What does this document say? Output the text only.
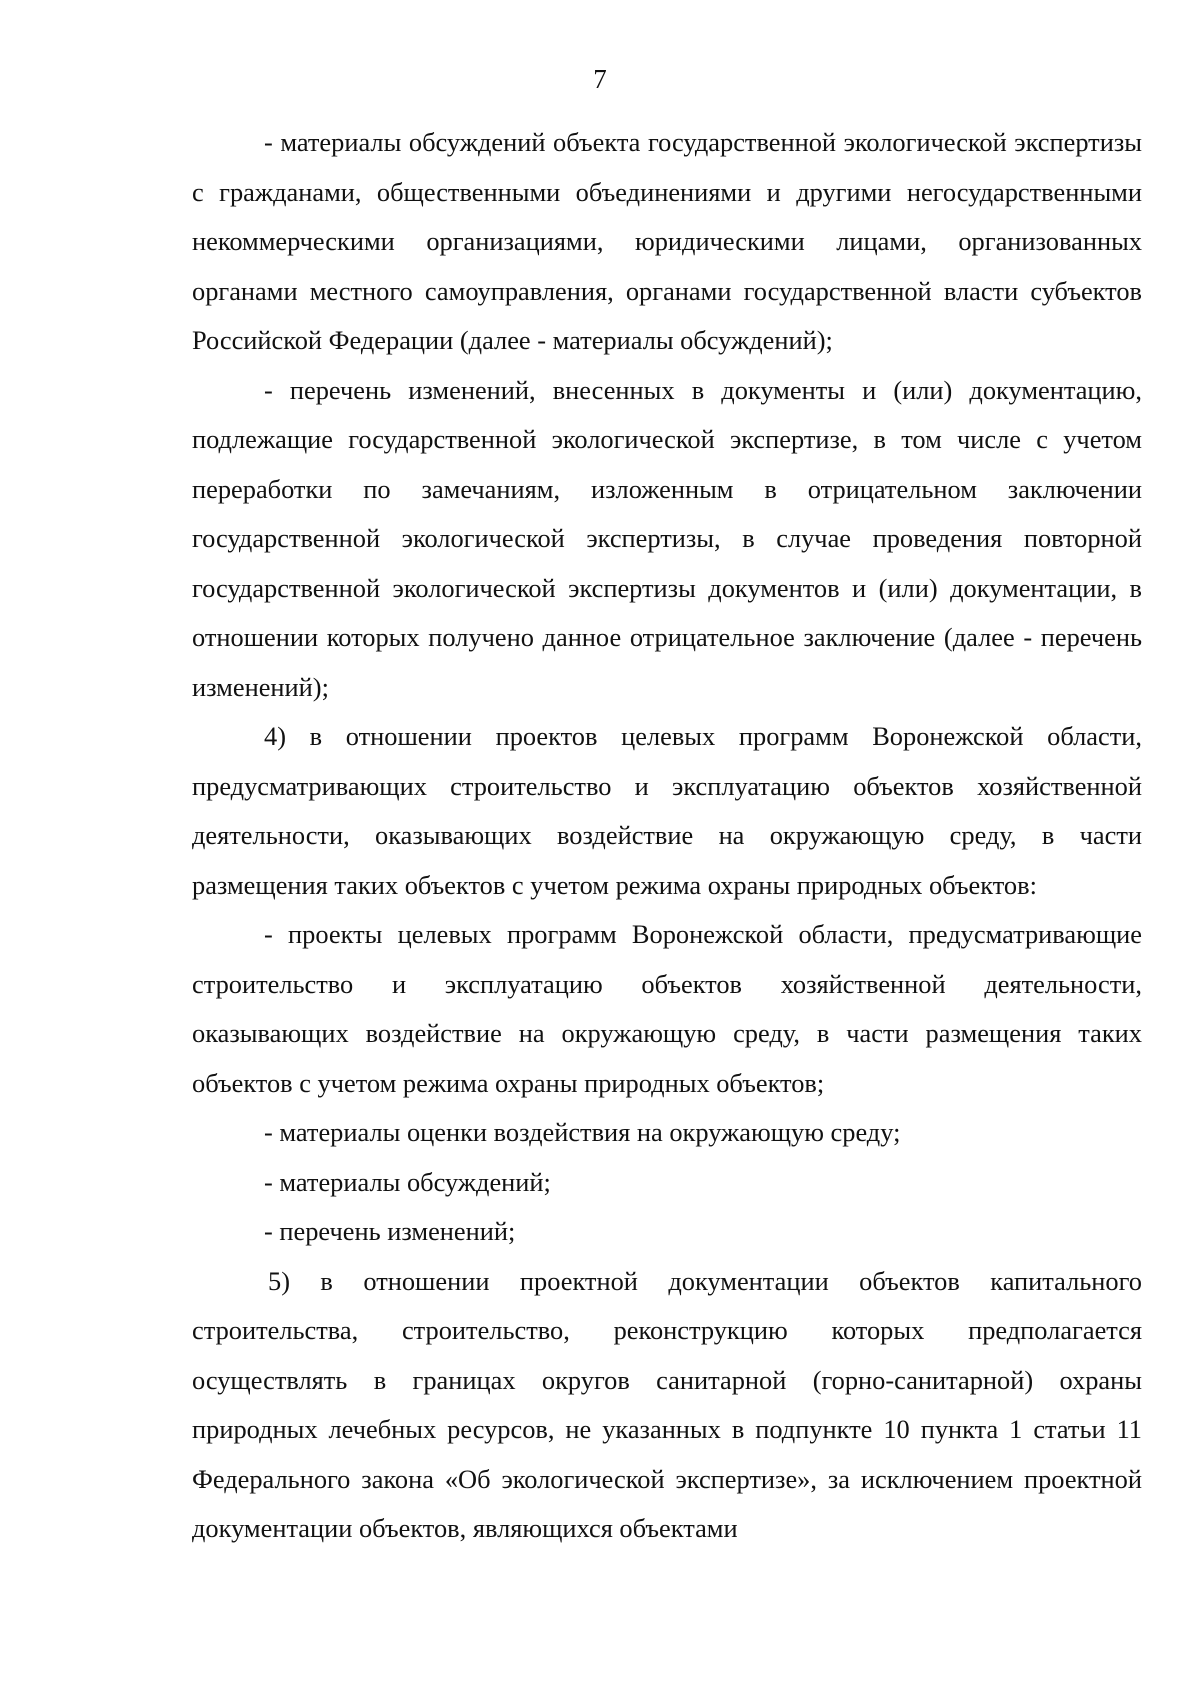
7

- материалы обсуждений объекта государственной экологической экспертизы с гражданами, общественными объединениями и другими негосударственными некоммерческими организациями, юридическими лицами, организованных органами местного самоуправления, органами государственной власти субъектов Российской Федерации (далее - материалы обсуждений);

- перечень изменений, внесенных в документы и (или) документацию, подлежащие государственной экологической экспертизе, в том числе с учетом переработки по замечаниям, изложенным в отрицательном заключении государственной экологической экспертизы, в случае проведения повторной государственной экологической экспертизы документов и (или) документации, в отношении которых получено данное отрицательное заключение (далее - перечень изменений);

4) в отношении проектов целевых программ Воронежской области, предусматривающих строительство и эксплуатацию объектов хозяйственной деятельности, оказывающих воздействие на окружающую среду, в части размещения таких объектов с учетом режима охраны природных объектов:

- проекты целевых программ Воронежской области, предусматривающие строительство и эксплуатацию объектов хозяйственной деятельности, оказывающих воздействие на окружающую среду, в части размещения таких объектов с учетом режима охраны природных объектов;

- материалы оценки воздействия на окружающую среду;

- материалы обсуждений;

- перечень изменений;

5) в отношении проектной документации объектов капитального строительства, строительство, реконструкцию которых предполагается осуществлять в границах округов санитарной (горно-санитарной) охраны природных лечебных ресурсов, не указанных в подпункте 10 пункта 1 статьи 11 Федерального закона «Об экологической экспертизе», за исключением проектной документации объектов, являющихся объектами
